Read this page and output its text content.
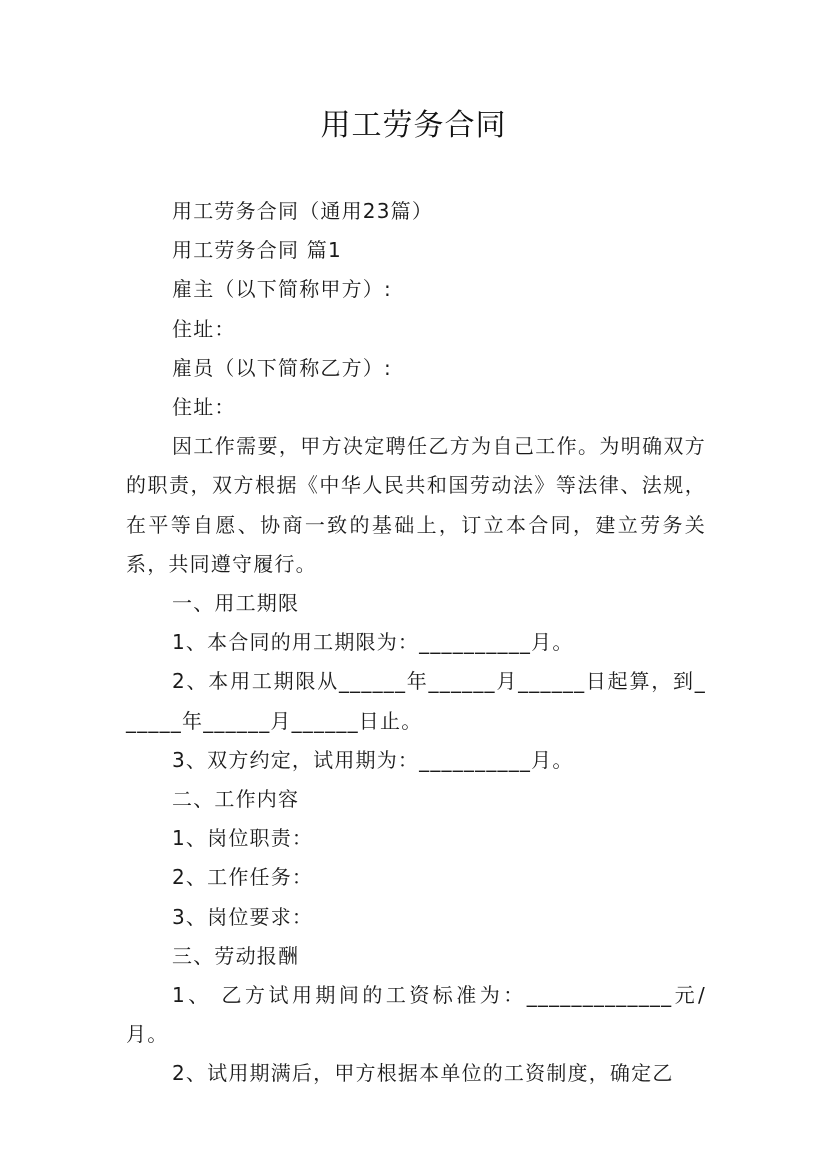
用工劳务合同

用工劳务合同（通用23篇）

用工劳务合同 篇1

雇主（以下简称甲方）:

住址：

雇员（以下简称乙方）:

住址：

因工作需要，甲方决定聘任乙方为自己工作。为明确双方的职责，双方根据《中华人民共和国劳动法》等法律、法规，在平等自愿、协商一致的基础上，订立本合同，建立劳务关系，共同遵守履行。

一、用工期限

1、本合同的用工期限为：__________月。

2、本用工期限从______年______月______日起算，到______年______月______日止。

3、双方约定，试用期为：__________月。

二、工作内容

1、岗位职责：

2、工作任务：

3、岗位要求：

三、劳动报酬

1、 乙方试用期间的工资标准为：_____________元/月。

2、试用期满后，甲方根据本单位的工资制度，确定乙
